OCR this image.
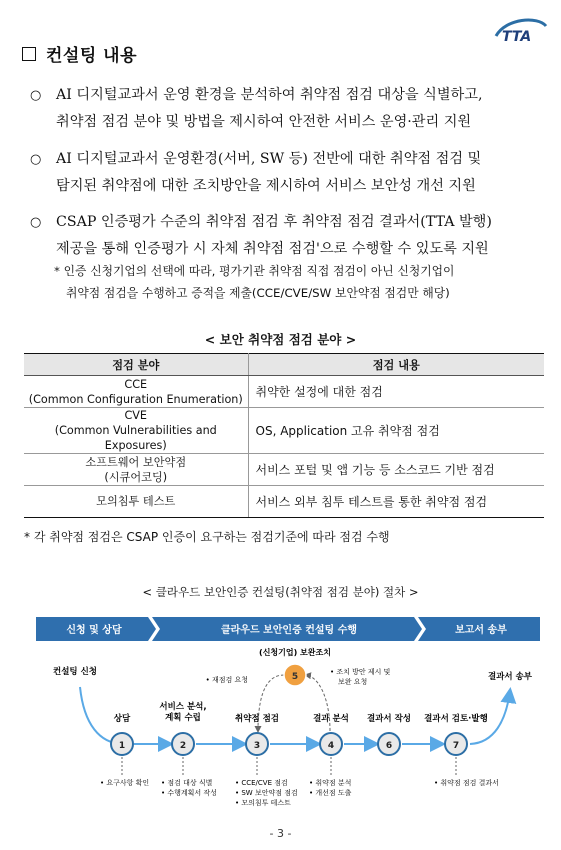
TTA
컨설팅 내용
○ AI 디지털교과서 운영 환경을 분석하여 취약점 점검 대상을 식별하고,
취약점 점검 분야 및 방법을 제시하여 안전한 서비스 운영·관리 지원
○ AI 디지털교과서 운영환경(서버, SW 등) 전반에 대한 취약점 점검 및
탐지된 취약점에 대한 조치방안을 제시하여 서비스 보안성 개선 지원
○ CSAP 인증평가 수준의 취약점 점검 후 취약점 점검 결과서(TTA 발행)
제공을 통해 인증평가 시 자체 취약점 점검'으로 수행할 수 있도록 지원
* 인증 신청기업의 선택에 따라, 평가기관 취약점 직접 점검이 아닌 신청기업이
취약점 점검을 수행하고 증적을 제출(CCE/CVE/SW 보안약점 점검만 해당)
< 보안 취약점 점검 분야 >
점검 분야	점검 내용

CCE
(Common Configuration Enumeration)	취약한 설정에 대한 점검

CVE
(Common Vulnerabilities and Exposures)	OS, Application 고유 취약점 점검

소프트웨어 보안약점
(시큐어코딩)	서비스 포털 및 앱 기능 등 소스코드 기반 점검

모의침투 테스트	서비스 외부 침투 테스트를 통한 취약점 점검
* 각 취약점 점검은 CSAP 인증이 요구하는 점검기준에 따라 점검 수행
< 클라우드 보안인증 컨설팅(취약점 점검 분야) 절차 >
신청 및 상담	클라우드 보안인증 컨설팅 수행	보고서 송부
컨설팅 신청	결과서 송부
(신청기업) 보완조치
5
• 재점검 요청
• 조치 방안 제시 및
보완 요청
상담
1
• 요구사항 확인
서비스 분석,
계획 수립
2
• 점검 대상 식별
• 수행계획서 작성
취약점 점검
3
• CCE/CVE 점검
• SW 보안약점 점검
• 모의침투 테스트
결과 분석
4
• 취약점 분석
• 개선점 도출
결과서 작성
6
결과서 검토·발행
7
• 취약점 점검 결과서
- 3 -
